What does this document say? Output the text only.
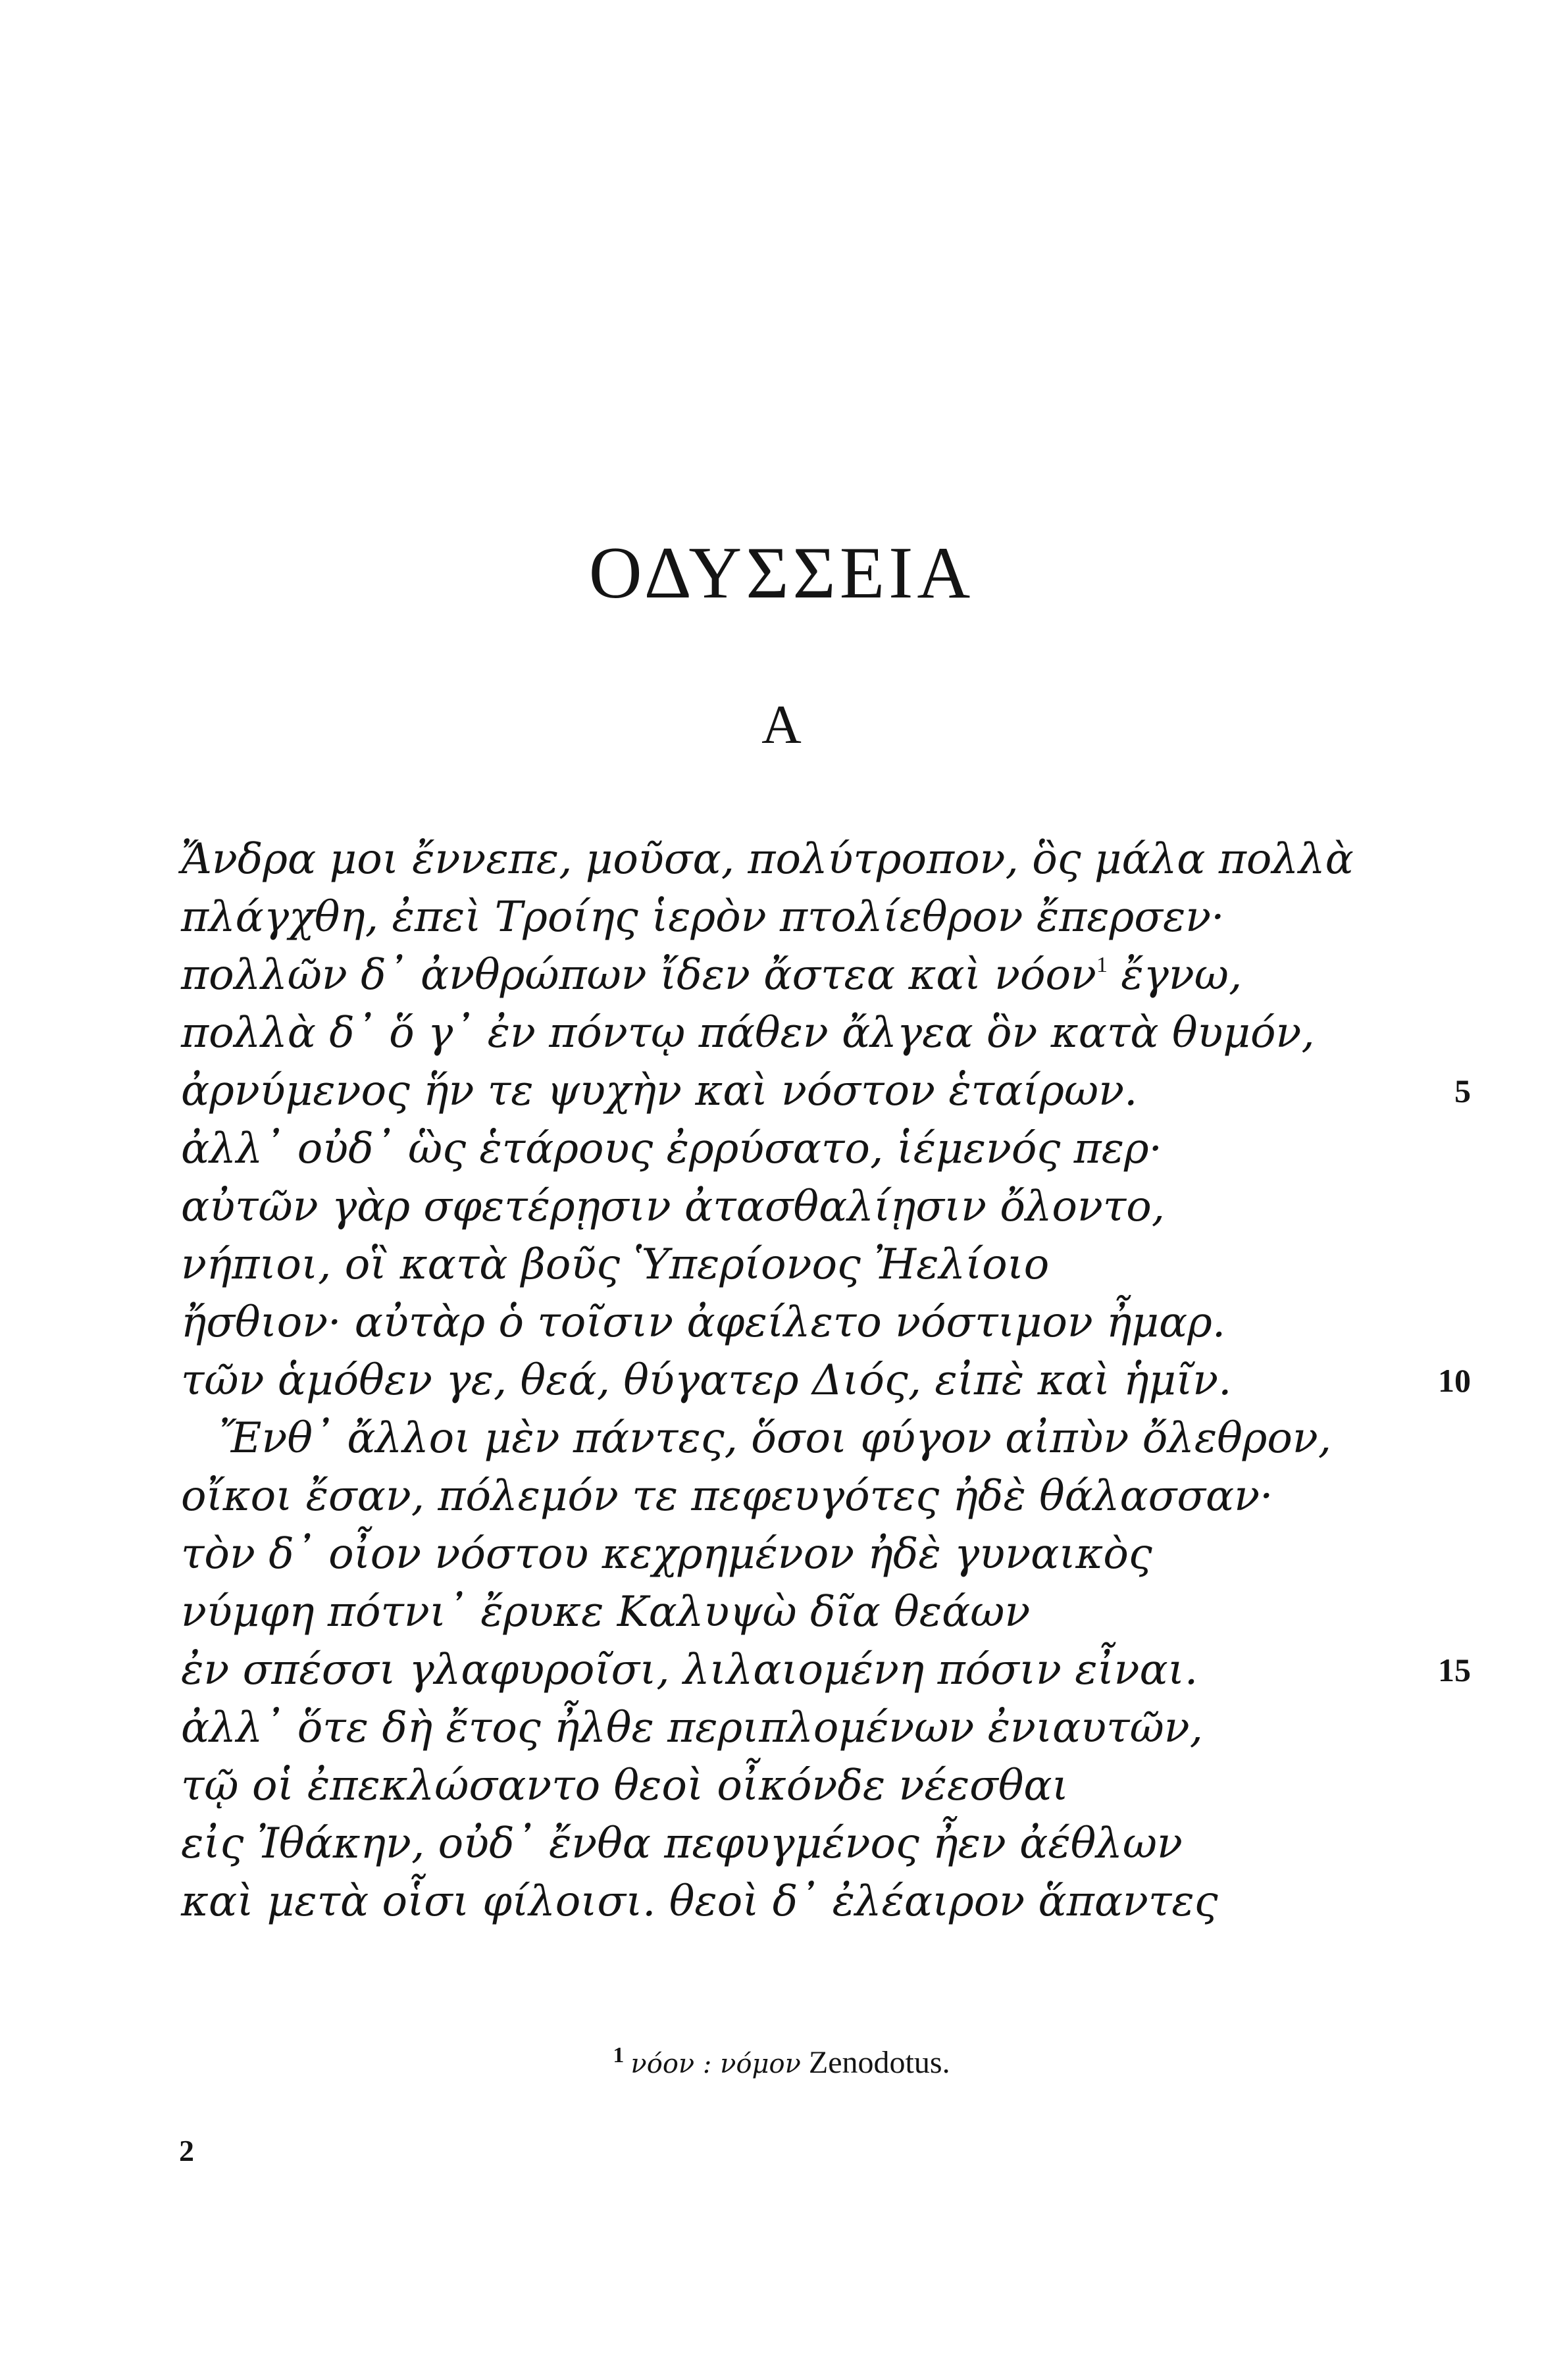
ΟΔΥΣΣΕΙΑ
Α
Ἄνδρα μοι ἔννεπε, μοῦσα, πολύτροπον, ὃς μάλα πολλὰ
πλάγχθη, ἐπεὶ Τροίης ἱερὸν πτολίεθρον ἔπερσεν·
πολλῶν δ᾽ ἀνθρώπων ἴδεν ἄστεα καὶ νόον$^1$ ἔγνω,
πολλὰ δ᾽ ὅ γ᾽ ἐν πόντῳ πάθεν ἄλγεα ὃν κατὰ θυμόν,
ἀρνύμενος ἥν τε ψυχὴν καὶ νόστον ἑταίρων.	5
ἀλλ᾽ οὐδ᾽ ὣς ἑτάρους ἐρρύσατο, ἱέμενός περ·
αὐτῶν γὰρ σφετέρῃσιν ἀτασθαλίῃσιν ὄλοντο,
νήπιοι, οἳ κατὰ βοῦς Ὑπερίονος Ἠελίοιο
ἤσθιον· αὐτὰρ ὁ τοῖσιν ἀφείλετο νόστιμον ἦμαρ.
τῶν ἁμόθεν γε, θεά, θύγατερ Διός, εἰπὲ καὶ ἡμῖν.	10
Ἔνθ᾽ ἄλλοι μὲν πάντες, ὅσοι φύγον αἰπὺν ὄλεθρον,
οἴκοι ἔσαν, πόλεμόν τε πεφευγότες ἠδὲ θάλασσαν·
τὸν δ᾽ οἶον νόστου κεχρημένον ἠδὲ γυναικὸς
νύμφη πότνι᾽ ἔρυκε Καλυψὼ δῖα θεάων
ἐν σπέσσι γλαφυροῖσι, λιλαιομένη πόσιν εἶναι.	15
ἀλλ᾽ ὅτε δὴ ἔτος ἦλθε περιπλομένων ἐνιαυτῶν,
τῷ οἱ ἐπεκλώσαντο θεοὶ οἶκόνδε νέεσθαι
εἰς Ἰθάκην, οὐδ᾽ ἔνθα πεφυγμένος ἦεν ἀέθλων
καὶ μετὰ οἷσι φίλοισι. θεοὶ δ᾽ ἐλέαιρον ἅπαντες
$^1$ νόον : νόμον Zenodotus.
2
